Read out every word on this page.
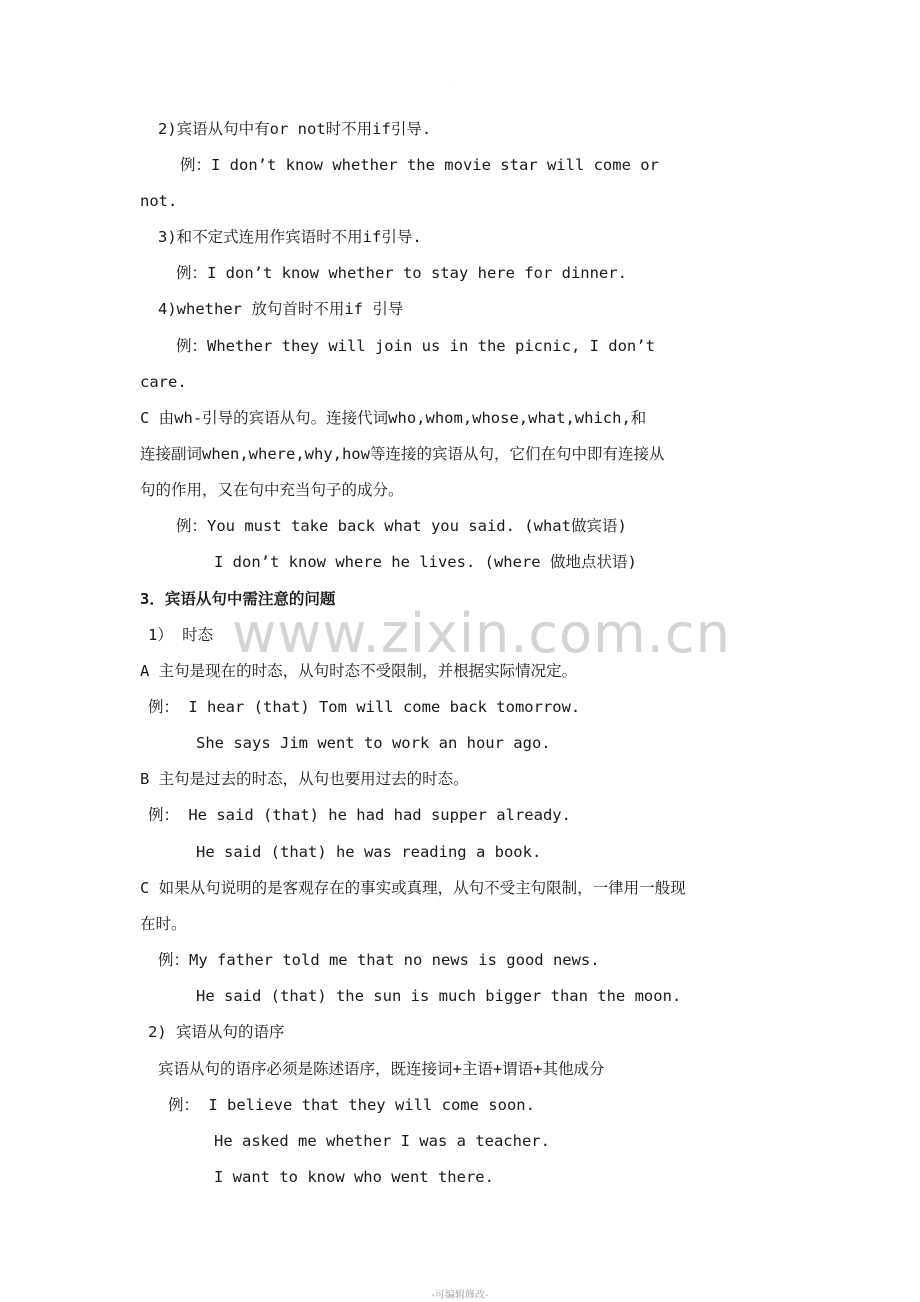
·
2)宾语从句中有or not时不用if引导.
例：I don’t know whether the movie star will come or
not.
3)和不定式连用作宾语时不用if引导.
例：I don’t know whether to stay here for dinner.
4)whether 放句首时不用if 引导
例：Whether they will join us in the picnic, I don’t
care.
C 由wh-引导的宾语从句。连接代词who,whom,whose,what,which,和
连接副词when,where,why,how等连接的宾语从句，它们在句中即有连接从
句的作用，又在句中充当句子的成分。
例：You must take back what you said. (what做宾语)
I don’t know where he lives. (where 做地点状语)
3．宾语从句中需注意的问题
1） 时态
A 主句是现在的时态，从句时态不受限制，并根据实际情况定。
例： I hear (that) Tom will come back tomorrow.
She says Jim went to work an hour ago.
B 主句是过去的时态，从句也要用过去的时态。
例： He said (that) he had had supper already.
He said (that) he was reading a book.
C 如果从句说明的是客观存在的事实或真理，从句不受主句限制，一律用一般现
在时。
例：My father told me that no news is good news.
He said (that) the sun is much bigger than the moon.
2) 宾语从句的语序
宾语从句的语序必须是陈述语序，既连接词+主语+谓语+其他成分
例： I believe that they will come soon.
He asked me whether I was a teacher.
I want to know who went there.
www.zixin.com.cn
-可编辑修改-
